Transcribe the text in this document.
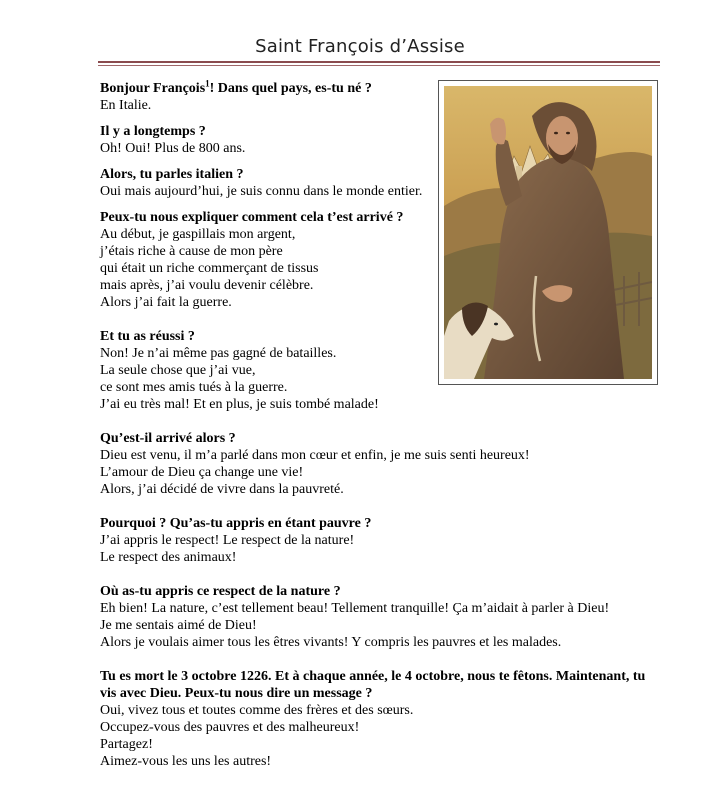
Saint François d’Assise
Bonjour François$^1$! Dans quel pays, es-tu né ?
En Italie.
Il y a longtemps ?
Oh! Oui! Plus de 800 ans.
Alors, tu parles italien ?
Oui mais aujourd’hui, je suis connu dans le monde entier.
Peux-tu nous expliquer comment cela t’est arrivé ?
Au début, je gaspillais mon argent,
j’étais riche à cause de mon père
qui était un riche commerçant de tissus
mais après, j’ai voulu devenir célèbre.
Alors j’ai fait la guerre.
Et tu as réussi ?
Non! Je n’ai même pas gagné de batailles.
La seule chose que j’ai vue,
ce sont mes amis tués à la guerre.
J’ai eu très mal! Et en plus, je suis tombé malade!
Qu’est-il arrivé alors ?
Dieu est venu, il m’a parlé dans mon cœur et enfin, je me suis senti heureux!
L’amour de Dieu ça change une vie!
Alors, j’ai décidé de vivre dans la pauvreté.
Pourquoi ? Qu’as-tu appris en étant pauvre ?
J’ai appris le respect! Le respect de la nature!
Le respect des animaux!
Où as-tu appris ce respect de la nature ?
Eh bien! La nature, c’est tellement beau! Tellement tranquille! Ça m’aidait à parler à Dieu!
Je me sentais aimé de Dieu!
Alors je voulais aimer tous les êtres vivants! Y compris les pauvres et les malades.
Tu es mort le 3 octobre 1226. Et à chaque année, le 4 octobre, nous te fêtons. Maintenant, tu vis avec Dieu. Peux-tu nous dire un message ?
Oui, vivez tous et toutes comme des frères et des sœurs.
Occupez-vous des pauvres et des malheureux!
Partagez!
Aimez-vous les uns les autres!
